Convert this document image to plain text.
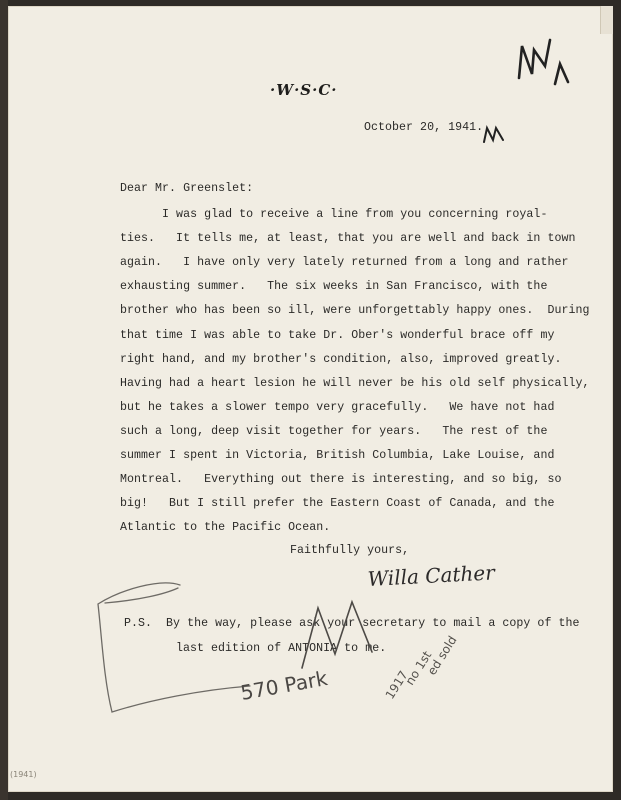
·W·S·C·
October 20, 1941.
Dear Mr. Greenslet:
I was glad to receive a line from you concerning royal-
ties.   It tells me, at least, that you are well and back in town
again.   I have only very lately returned from a long and rather
exhausting summer.   The six weeks in San Francisco, with the
brother who has been so ill, were unforgettably happy ones.  During
that time I was able to take Dr. Ober's wonderful brace off my
right hand, and my brother's condition, also, improved greatly.
Having had a heart lesion he will never be his old self physically,
but he takes a slower tempo very gracefully.   We have not had
such a long, deep visit together for years.   The rest of the
summer I spent in Victoria, British Columbia, Lake Louise, and
Montreal.   Everything out there is interesting, and so big, so
big!   But I still prefer the Eastern Coast of Canada, and the
Atlantic to the Pacific Ocean.
Faithfully yours,
P.S.  By the way, please ask your secretary to mail a copy of the
last edition of ANTONIA to me.
Willa Cather
M
M
570 Park	1917
no 1st
ed sold
(1941)
